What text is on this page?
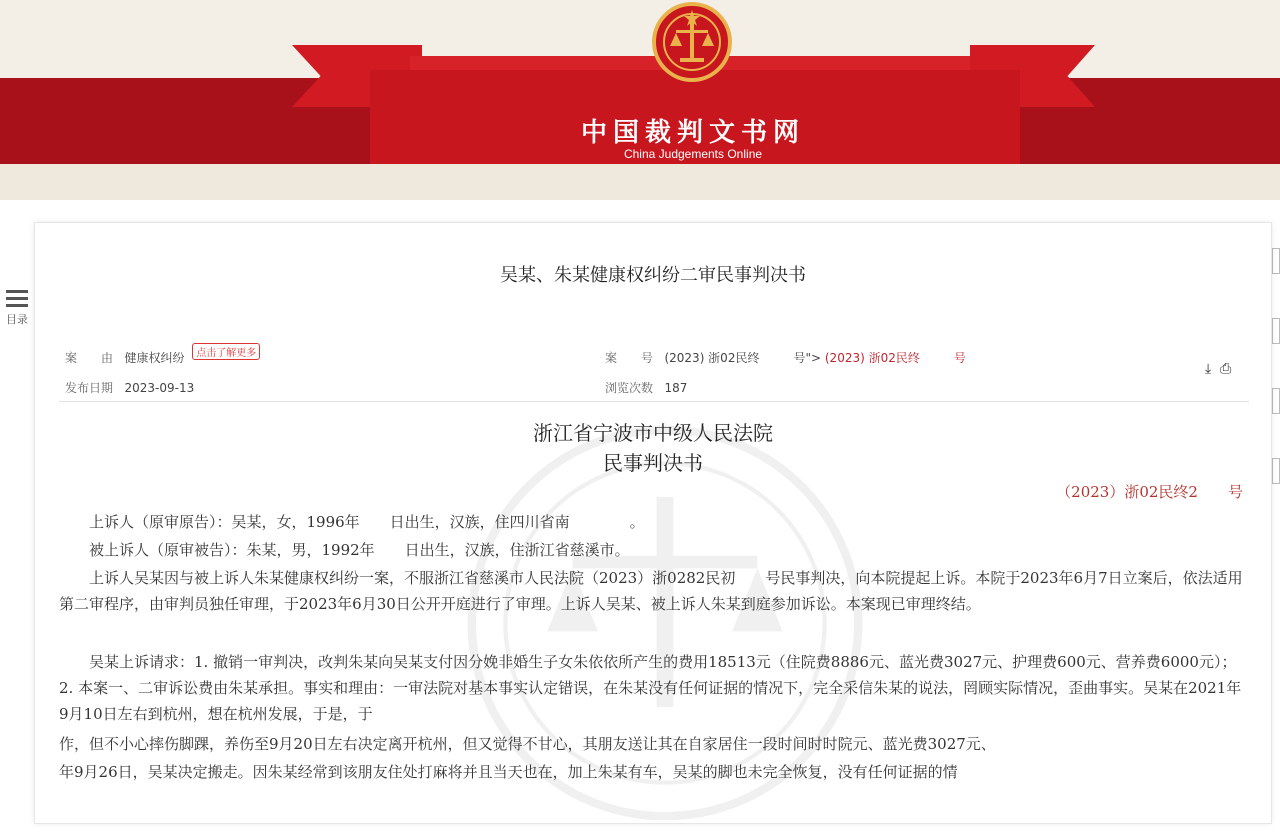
中国裁判文书网
China Judgements Online
目录
吴某、朱某健康权纠纷二审民事判决书
案　　由 健康权纠纷 点击了解更多	案　　号 (2023) 浙02民终	号"> (2023) 浙02民终	号
发布日期 2023-09-13	浏览次数 187
⤓ ⎙
浙江省宁波市中级人民法院
民事判决书
（2023）浙02民终2 号
上诉人（原审原告）：吴某，女，1996年　　日出生，汉族，住四川省南　　　　。
被上诉人（原审被告）：朱某，男，1992年　　日出生，汉族，住浙江省慈溪市。
上诉人吴某因与被上诉人朱某健康权纠纷一案，不服浙江省慈溪市人民法院（2023）浙0282民初　　号民事判决，向本院提起上诉。本院于2023年6月7日立案后，依法适用第二审程序，由审判员独任审理，于2023年6月30日公开开庭进行了审理。上诉人吴某、被上诉人朱某到庭参加诉讼。本案现已审理终结。
吴某上诉请求：1. 撤销一审判决，改判朱某向吴某支付因分娩非婚生子女朱依依所产生的费用18513元（住院费8886元、蓝光费3027元、护理费600元、营养费6000元）；2. 本案一、二审诉讼费由朱某承担。事实和理由：一审法院对基本事实认定错误，在朱某没有任何证据的情况下，完全采信朱某的说法，罔顾实际情况，歪曲事实。吴某在2021年9月10日左右到杭州，想在杭州发展，于是，于
作，但不小心摔伤脚踝，养伤至9月20日左右决定离开杭州，但又觉得不甘心，其朋友送让其在自家居住一段时间时时院元、蓝光费3027元、
年9月26日，吴某决定搬走。因朱某经常到该朋友住处打麻将并且当天也在，加上朱某有车，吴某的脚也未完全恢复，没有任何证据的情
